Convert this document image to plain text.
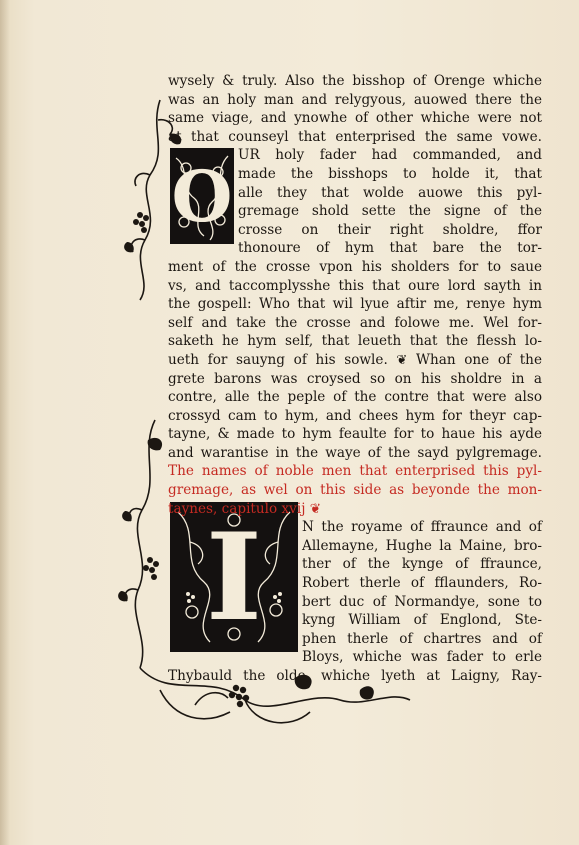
O
I
wysely & truly. Also the bisshop of Orenge whiche
was an holy man and relygyous, auowed there the
same viage, and ynowhe of other whiche were not
at that counseyl that enterprised the same vowe.
UR holy fader had commanded, and
made the bisshops to holde it, that
alle they that wolde auowe this pyl-
gremage shold sette the signe of the
crosse on their right sholdre, ffor
thonoure of hym that bare the tor-
ment of the crosse vpon his sholders for to saue
vs, and taccomplysshe this that oure lord sayth in
the gospell: Who that wil lyue aftir me, renye hym
self and take the crosse and folowe me. Wel for-
saketh he hym self, that leueth that the flessh lo-
ueth for sauyng of his sowle. ❦ Whan one of the
grete barons was croysed so on his sholdre in a
contre, alle the peple of the contre that were also
crossyd cam to hym, and chees hym for theyr cap-
tayne, & made to hym feaulte for to haue his ayde
and warantise in the waye of the sayd pylgremage.
The names of noble men that enterprised this pyl-
gremage, as wel on this side as beyonde the mon-
taynes, capitulo xvij ❦
N the royame of ffraunce and of
Allemayne, Hughe la Maine, bro-
ther of the kynge of ffraunce,
Robert therle of fflaunders, Ro-
bert duc of Normandye, sone to
kyng William of Englond, Ste-
phen therle of chartres and of
Bloys, whiche was fader to erle
Thybauld the olde, whiche lyeth at Laigny, Ray-
